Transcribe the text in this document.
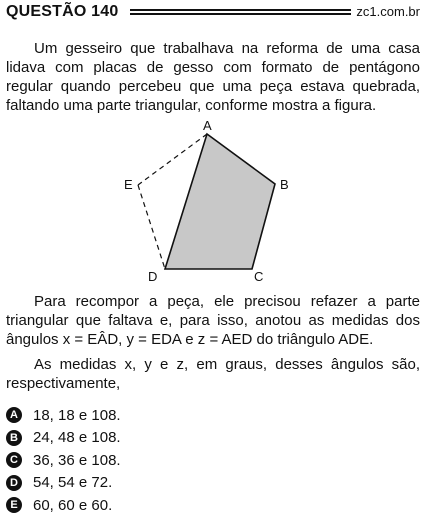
QUESTÃO 140	zc1.com.br

Um gesseiro que trabalhava na reforma de uma casa lidava com placas de gesso com formato de pentágono regular quando percebeu que uma peça estava quebrada, faltando uma parte triangular, conforme mostra a figura.

A
B
C
D
E

Para recompor a peça, ele precisou refazer a parte triangular que faltava e, para isso, anotou as medidas dos ângulos x = EÂD, y = EDA e z = AED do triângulo ADE.

As medidas x, y e z, em graus, desses ângulos são, respectivamente,

A 18, 18 e 108.
B 24, 48 e 108.
C 36, 36 e 108.
D 54, 54 e 72.
E 60, 60 e 60.
